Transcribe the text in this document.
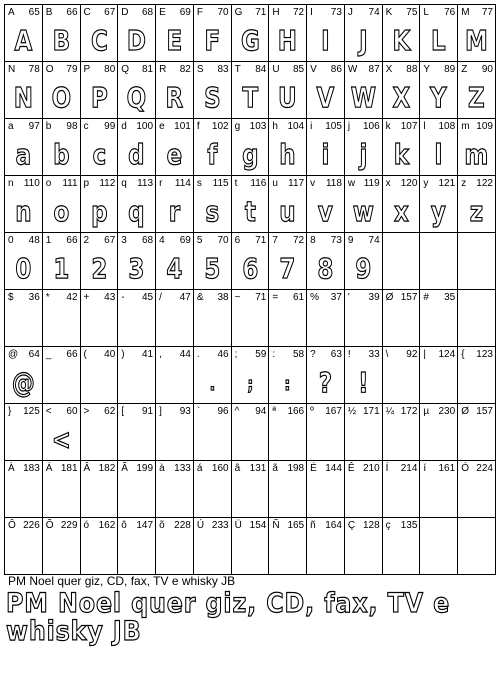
A 65
A
B 66
B
C 67
C
D 68
D
E 69
E
F 70
F
G 71
G
H 72
H
I 73
I
J 74
J
K 75
K
L 76
L
M 77
M
N 78
N
O 79
O
P 80
P
Q 81
Q
R 82
R
S 83
S
T 84
T
U 85
U
V 86
V
W 87
W
X 88
X
Y 89
Y
Z 90
Z
a 97
a
b 98
b
c 99
c
d 100
d
e 101
e
f 102
f
g 103
g
h 104
h
i 105
i
j 106
j
k 107
k
l 108
l
m 109
m
n 110
n
o 111
o
p 112
p
q 113
q
r 114
r
s 115
s
t 116
t
u 117
u
v 118
v
w 119
w
x 120
x
y 121
y
z 122
z
0 48
0
1 66
1
2 67
2
3 68
3
4 69
4
5 70
5
6 71
6
7 72
7
8 73
8
9 74
9
$ 36 * 42 + 43 - 45 / 47 & 38 ~ 71 = 61 % 37 ' 39 Ø 157 # 35
@ 64
@
_ 66 ( 40 ) 41 , 44 . 46
.
; 59
;
: 58
:
? 63
?
! 33
!
\ 92 | 124 { 123
} 125 < 60
<
> 62 [ 91 ] 93 ` 96 ^ 94 ª 166 º 167 ½ 171 ¼ 172 µ 230 Ø 157
À 183 Á 181 Â 182 Ã 199 à 133 á 160 â 131 ã 198 É 144 Ê 210 Í 214 í 161 Ó 224
Ô 226 Õ 229 ó 162 ô 147 õ 228 Ú 233 Ü 154 Ñ 165 ñ 164 Ç 128 ç 135
PM Noel quer giz, CD, fax, TV e whisky JB
PM Noel quer giz, CD, fax, TV e
whisky JB
